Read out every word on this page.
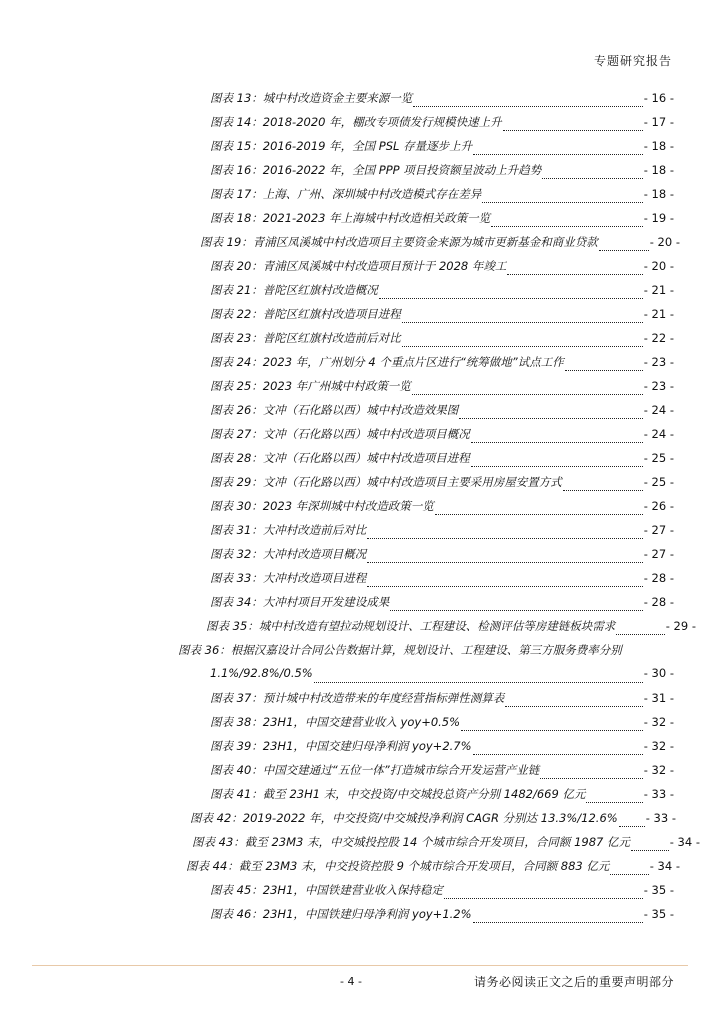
专题研究报告
图表 13：城中村改造资金主要来源一览	- 16 -
图表 14：2018-2020 年，棚改专项债发行规模快速上升	- 17 -
图表 15：2016-2019 年，全国 PSL 存量逐步上升	- 18 -
图表 16：2016-2022 年，全国 PPP 项目投资额呈波动上升趋势	- 18 -
图表 17：上海、广州、深圳城中村改造模式存在差异	- 18 -
图表 18：2021-2023 年上海城中村改造相关政策一览	- 19 -
图表 19：青浦区凤溪城中村改造项目主要资金来源为城市更新基金和商业贷款	- 20 -
图表 20：青浦区凤溪城中村改造项目预计于 2028 年竣工	- 20 -
图表 21：普陀区红旗村改造概况	- 21 -
图表 22：普陀区红旗村改造项目进程	- 21 -
图表 23：普陀区红旗村改造前后对比	- 22 -
图表 24：2023 年，广州划分 4 个重点片区进行“统筹做地”试点工作	- 23 -
图表 25：2023 年广州城中村政策一览	- 23 -
图表 26：文冲（石化路以西）城中村改造效果图	- 24 -
图表 27：文冲（石化路以西）城中村改造项目概况	- 24 -
图表 28：文冲（石化路以西）城中村改造项目进程	- 25 -
图表 29：文冲（石化路以西）城中村改造项目主要采用房屋安置方式	- 25 -
图表 30：2023 年深圳城中村改造政策一览	- 26 -
图表 31：大冲村改造前后对比	- 27 -
图表 32：大冲村改造项目概况	- 27 -
图表 33：大冲村改造项目进程	- 28 -
图表 34：大冲村项目开发建设成果	- 28 -
图表 35：城中村改造有望拉动规划设计、工程建设、检测评估等房建链板块需求	- 29 -
图表 36：根据汉嘉设计合同公告数据计算，规划设计、工程建设、第三方服务费率分别
1.1%/92.8%/0.5%	- 30 -
图表 37：预计城中村改造带来的年度经营指标弹性测算表	- 31 -
图表 38：23H1，中国交建营业收入 yoy+0.5%	- 32 -
图表 39：23H1，中国交建归母净利润 yoy+2.7%	- 32 -
图表 40：中国交建通过“五位一体”打造城市综合开发运营产业链	- 32 -
图表 41：截至 23H1 末，中交投资/中交城投总资产分别 1482/669 亿元	- 33 -
图表 42：2019-2022 年，中交投资/中交城投净利润 CAGR 分别达 13.3%/12.6% - 33 -
图表 43：截至 23M3 末，中交城投控股 14 个城市综合开发项目，合同额 1987 亿元	- 34 -
图表 44：截至 23M3 末，中交投资控股 9 个城市综合开发项目，合同额 883 亿元	- 34 -
图表 45：23H1，中国铁建营业收入保持稳定	- 35 -
图表 46：23H1，中国铁建归母净利润 yoy+1.2%	- 35 -
- 4 -	请务必阅读正文之后的重要声明部分
